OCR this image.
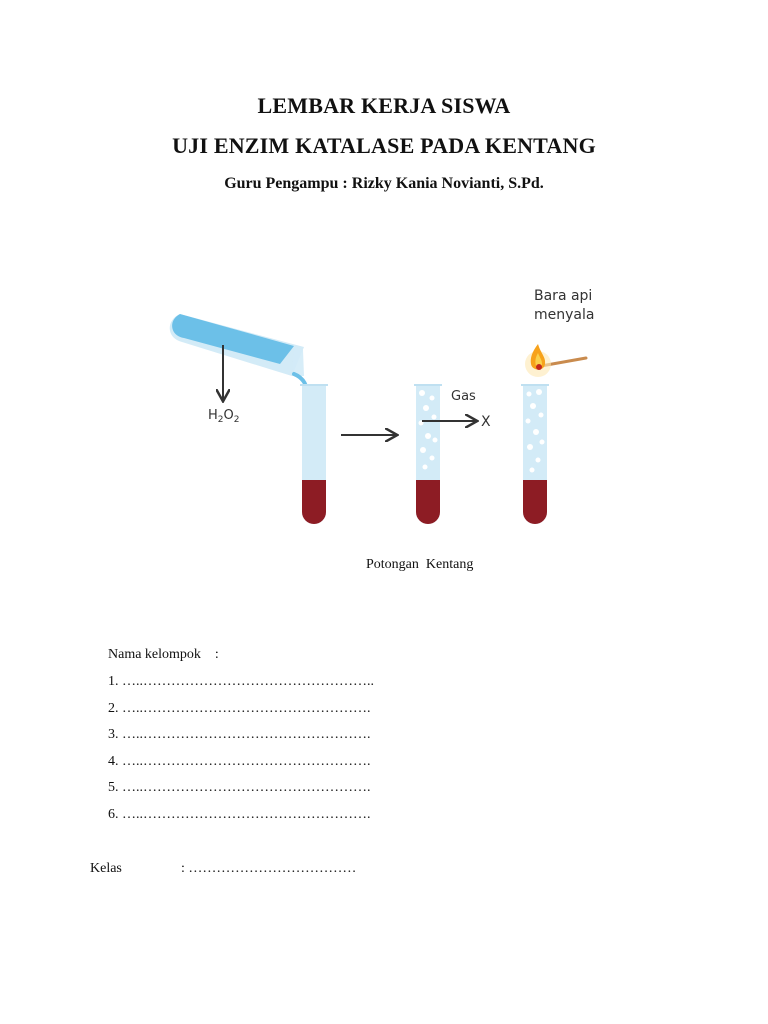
LEMBAR KERJA SISWA
UJI ENZIM KATALASE PADA KENTANG
Guru Pengampu : Rizky Kania Novianti, S.Pd.
$H_2O_2$
Gas
X
Bara api
menyala
Potongan  Kentang
Nama kelompok    :
1. …..…………………………………………..
2. …..………………………………………….
3. …..………………………………………….
4. …..………………………………………….
5. …..………………………………………….
6. …..………………………………………….
Kelas	: ………………………………
